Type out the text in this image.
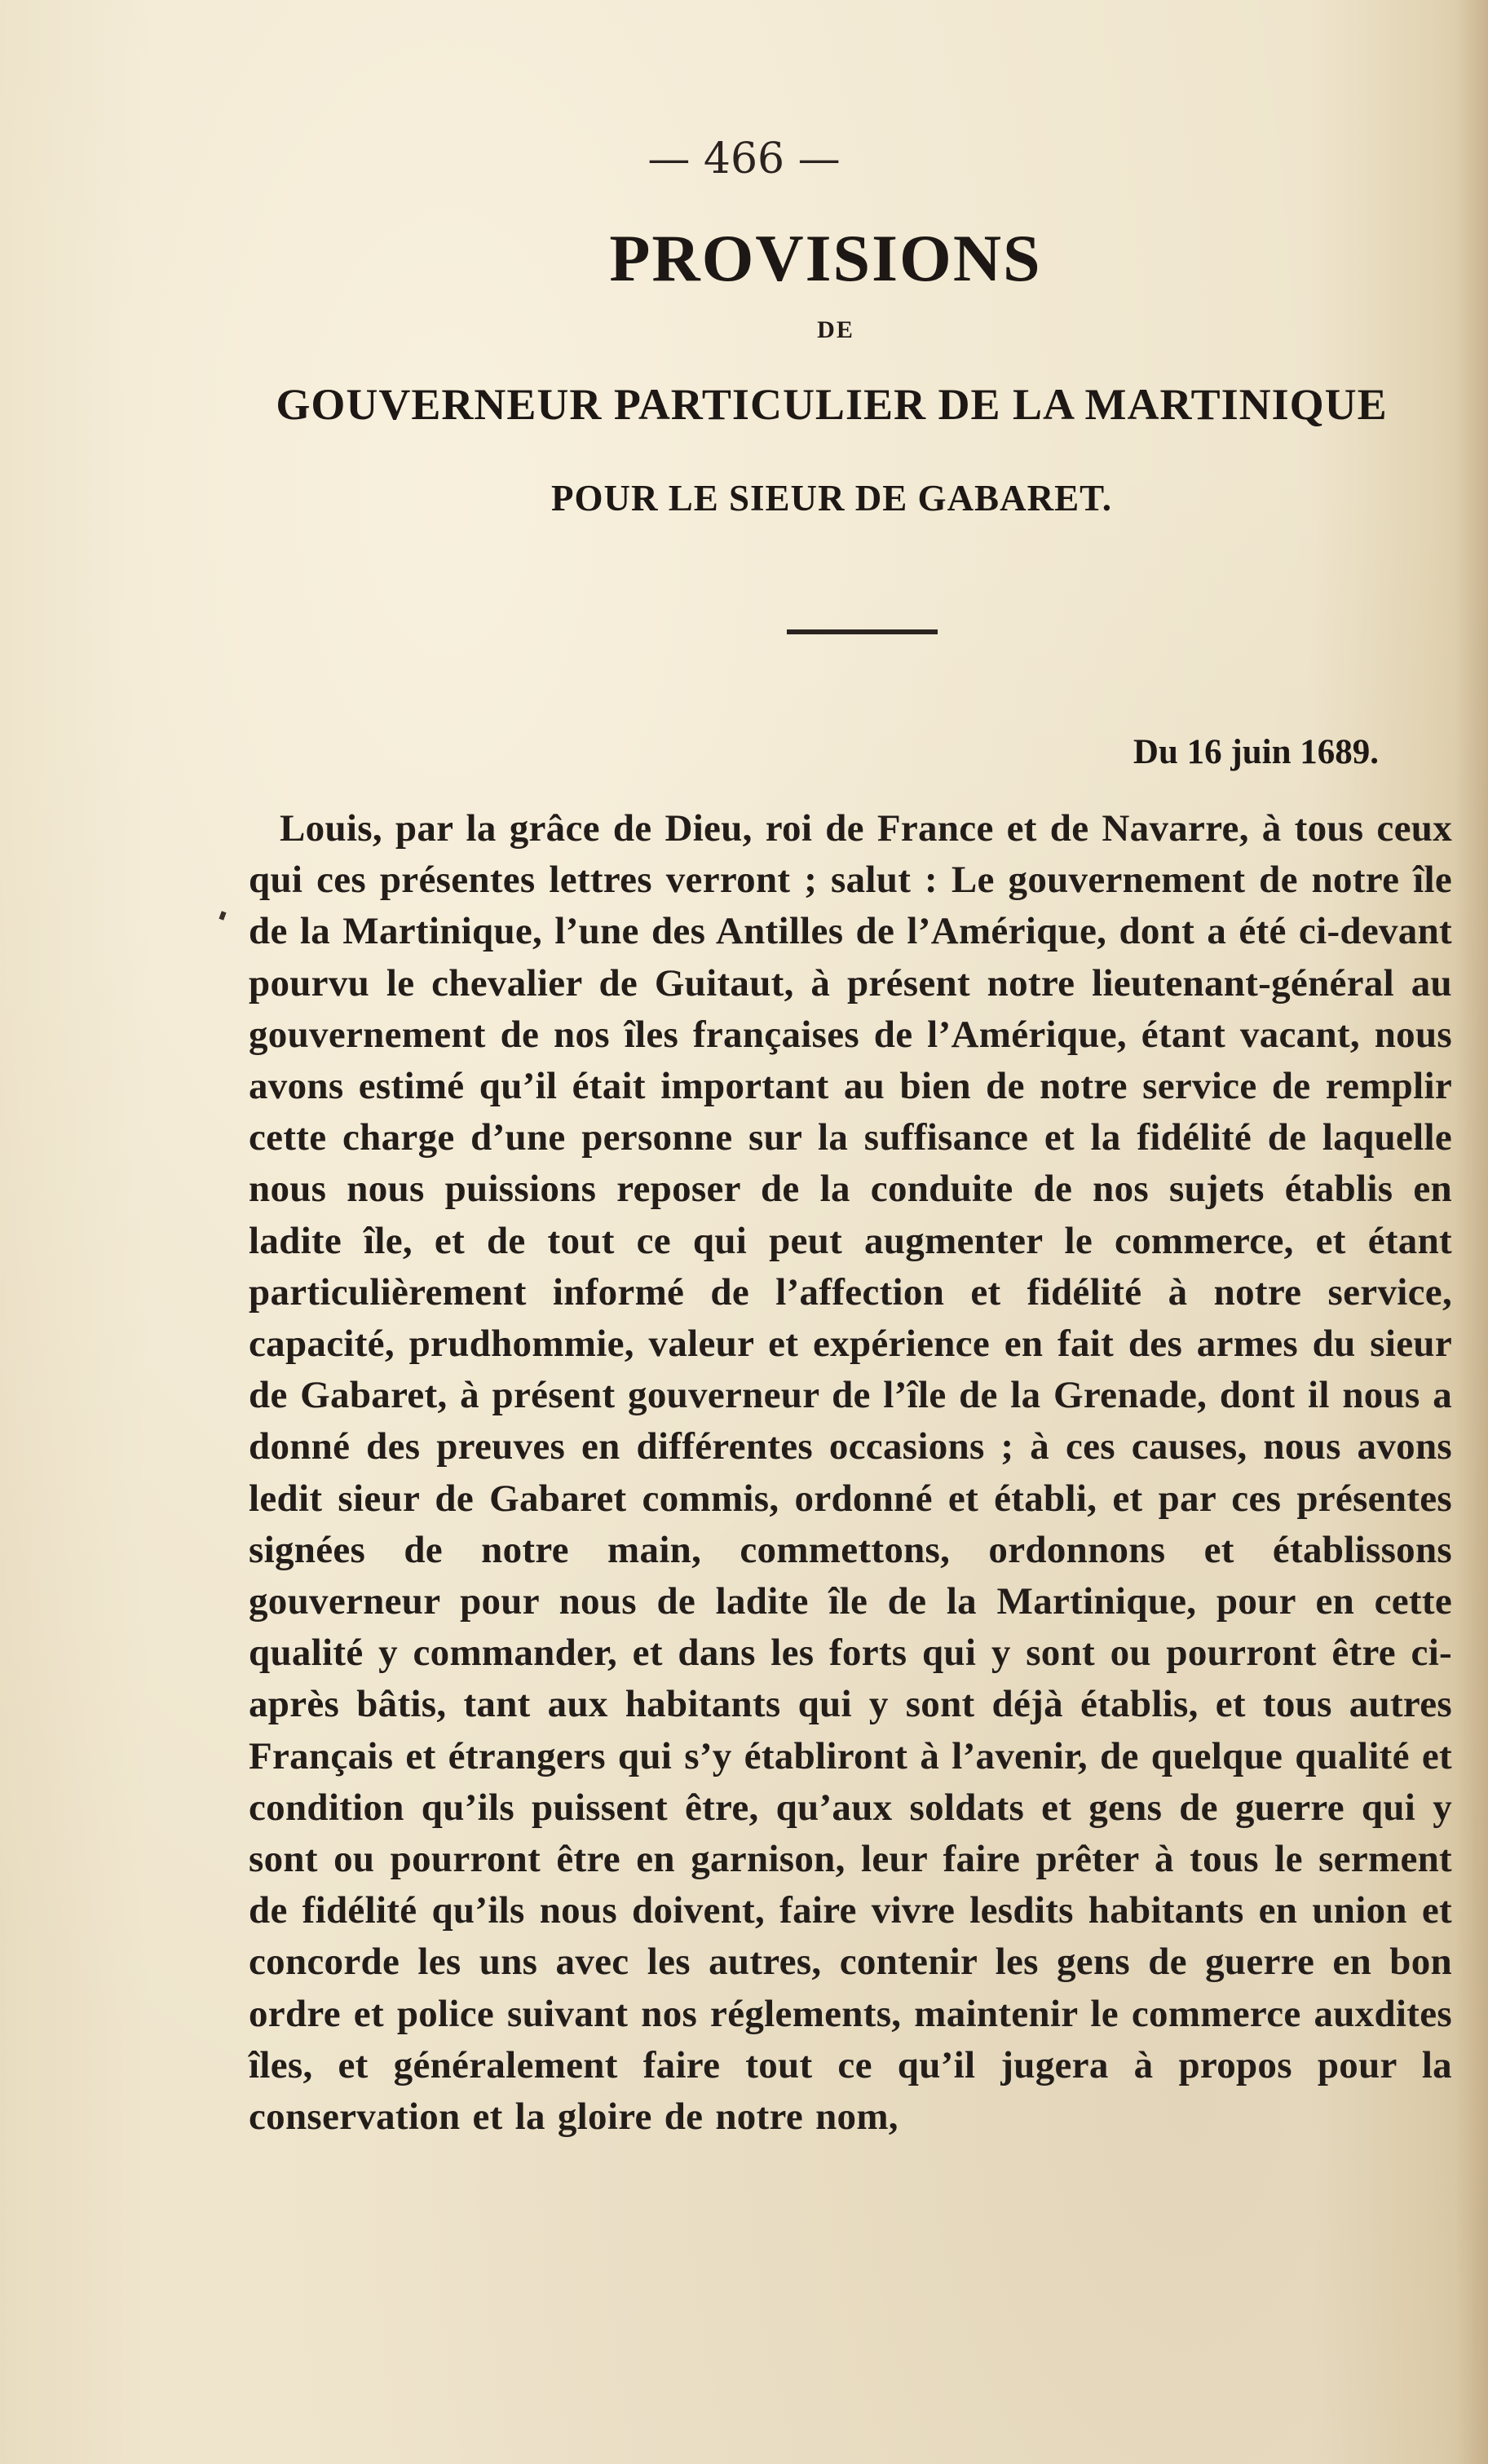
— 466 —
PROVISIONS
DE
GOUVERNEUR PARTICULIER DE LA MARTINIQUE
POUR LE SIEUR DE GABARET.
Du 16 juin 1689.
Louis, par la grâce de Dieu, roi de France et de Navarre, à tous ceux qui ces présentes lettres verront ; salut : Le gouvernement de notre île de la Martinique, l’une des Antilles de l’Amérique, dont a été ci-devant pourvu le chevalier de Guitaut, à présent notre lieutenant-général au gouvernement de nos îles françaises de l’Amérique, étant vacant, nous avons estimé qu’il était important au bien de notre service de remplir cette charge d’une personne sur la suffisance et la fidélité de laquelle nous nous puissions reposer de la conduite de nos sujets établis en ladite île, et de tout ce qui peut augmenter le commerce, et étant particulièrement informé de l’affection et fidélité à notre service, capacité, prudhommie, valeur et expérience en fait des armes du sieur de Gabaret, à présent gouverneur de l’île de la Grenade, dont il nous a donné des preuves en différentes occasions ; à ces causes, nous avons ledit sieur de Gabaret commis, ordonné et établi, et par ces présentes signées de notre main, commettons, ordonnons et établissons gouverneur pour nous de ladite île de la Martinique, pour en cette qualité y commander, et dans les forts qui y sont ou pourront être ci-après bâtis, tant aux habitants qui y sont déjà établis, et tous autres Français et étrangers qui s’y établiront à l’avenir, de quelque qualité et condition qu’ils puissent être, qu’aux soldats et gens de guerre qui y sont ou pourront être en garnison, leur faire prêter à tous le serment de fidélité qu’ils nous doivent, faire vivre lesdits habitants en union et concorde les uns avec les autres, contenir les gens de guerre en bon ordre et police suivant nos réglements, maintenir le commerce auxdites îles, et généralement faire tout ce qu’il jugera à propos pour la conservation et la gloire de notre nom,
